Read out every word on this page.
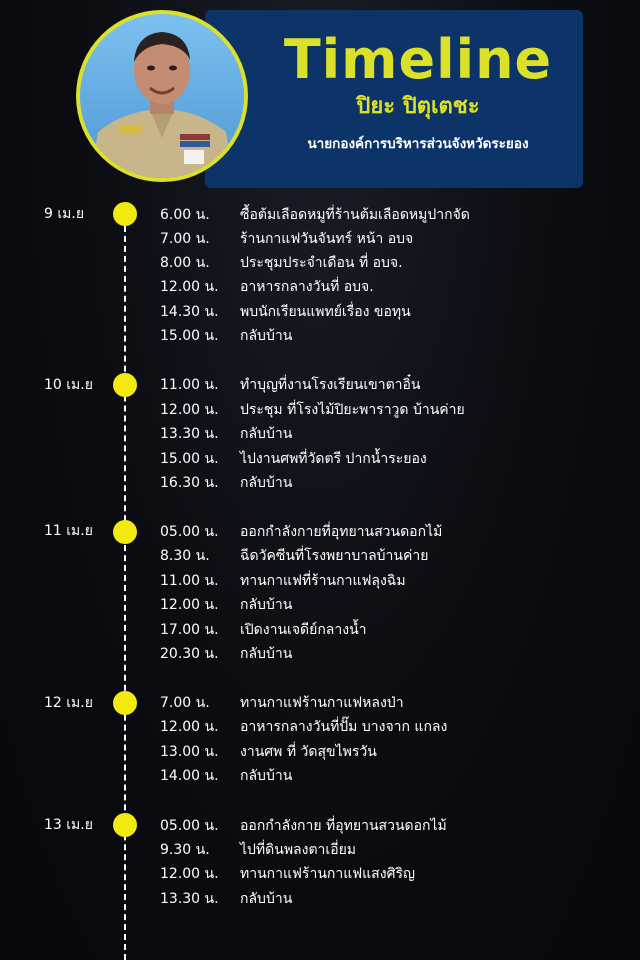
Timeline
ปิยะ ปิตุเตชะ
นายกองค์การบริหารส่วนจังหวัดระยอง
9 เม.ย	6.00 น. ซื้อต้มเลือดหมูที่ร้านต้มเลือดหมูปากจัด
7.00 น. ร้านกาแฟวันจันทร์ หน้า อบจ
8.00 น. ประชุมประจำเดือน ที่ อบจ.
12.00 น. อาหารกลางวันที่ อบจ.
14.30 น. พบนักเรียนแพทย์เรื่อง ขอทุน
15.00 น. กลับบ้าน
10 เม.ย	11.00 น. ทำบุญที่งานโรงเรียนเขาตาอิ๋น
12.00 น. ประชุม ที่โรงไม้ปิยะพาราวูด บ้านค่าย
13.30 น. กลับบ้าน
15.00 น. ไปงานศพที่วัดตรี ปากน้ำระยอง
16.30 น. กลับบ้าน
11 เม.ย	05.00 น. ออกกำลังกายที่อุทยานสวนดอกไม้
8.30 น. ฉีดวัคซีนที่โรงพยาบาลบ้านค่าย
11.00 น. ทานกาแฟที่ร้านกาแฟลุงฉิม
12.00 น. กลับบ้าน
17.00 น. เปิดงานเจดีย์กลางน้ำ
20.30 น. กลับบ้าน
12 เม.ย	7.00 น. ทานกาแฟร้านกาแฟหลงป่า
12.00 น. อาหารกลางวันที่ปั๊ม บางจาก แกลง
13.00 น. งานศพ ที่ วัดสุขไพรวัน
14.00 น. กลับบ้าน
13 เม.ย	05.00 น. ออกกำลังกาย ที่อุทยานสวนดอกไม้
9.30 น. ไปที่ดินพลงตาเอี่ยม
12.00 น. ทานกาแฟร้านกาแฟแสงศิริญ
13.30 น. กลับบ้าน
